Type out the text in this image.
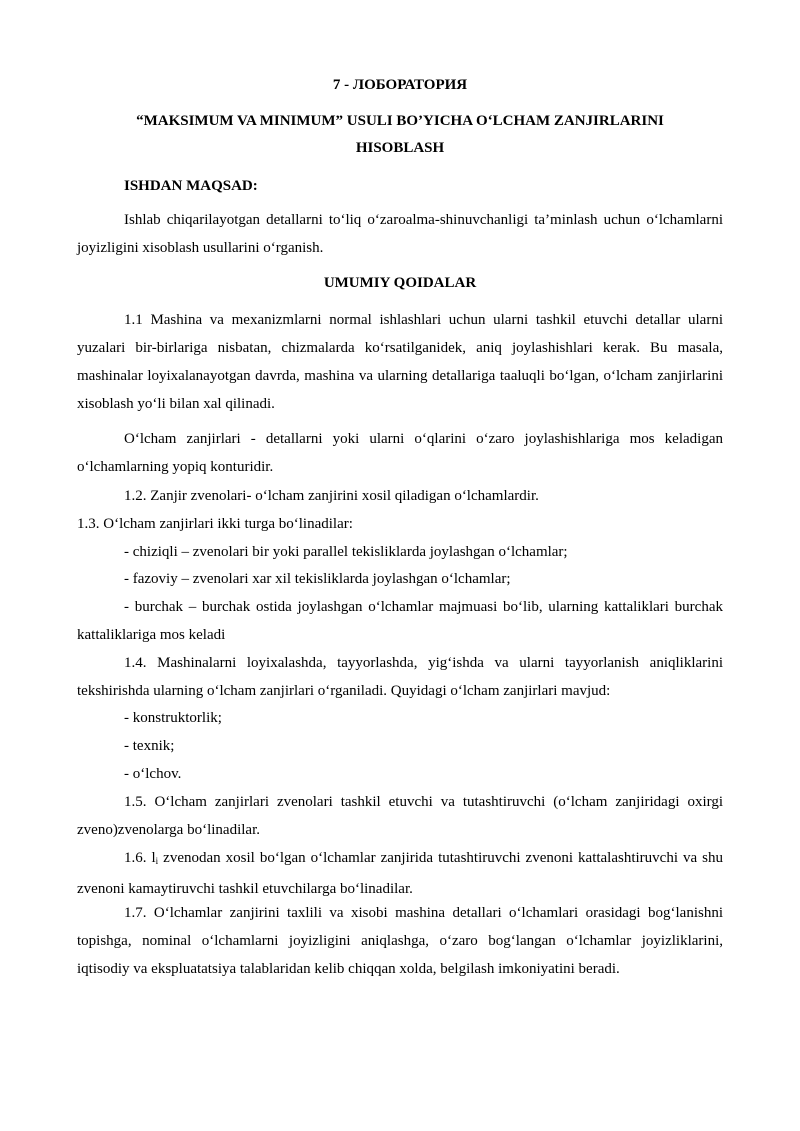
7 - ЛОБОРАТОРИЯ
“MAKSIMUM VA MINIMUM” USULI BO’YICHA O‘LCHAM ZANJIRLARINI
HISOBLASH
ISHDAN MAQSAD:

Ishlab chiqarilayotgan detallarni to‘liq o‘zaroalma-shinuvchanligi ta’minlash uchun o‘lchamlarni joyizligini xisoblash usullarini o‘rganish.

UMUMIY QOIDALAR

1.1 Mashina va mexanizmlarni normal ishlashlari uchun ularni tashkil etuvchi detallar ularni yuzalari bir-birlariga nisbatan, chizmalarda ko‘rsatilganidek, aniq joylashishlari kerak. Bu masala, mashinalar loyixalanayotgan davrda, mashina va ularning detallariga taaluqli bo‘lgan, o‘lcham zanjirlarini xisoblash yo‘li bilan xal qilinadi.

O‘lcham zanjirlari - detallarni yoki ularni o‘qlarini o‘zaro joylashishlariga mos keladigan o‘lchamlarning yopiq konturidir.

1.2. Zanjir zvenolari- o‘lcham zanjirini xosil qiladigan o‘lchamlardir.
1.3. O‘lcham zanjirlari ikki turga bo‘linadilar:
- chiziqli – zvenolari bir yoki parallel tekisliklarda joylashgan o‘lchamlar;
- fazoviy – zvenolari xar xil tekisliklarda joylashgan o‘lchamlar;

- burchak – burchak ostida joylashgan o‘lchamlar majmuasi bo‘lib, ularning kattaliklari burchak kattaliklariga mos keladi

1.4. Mashinalarni loyixalashda, tayyorlashda, yig‘ishda va ularni tayyorlanish aniqliklarini tekshirishda ularning o‘lcham zanjirlari o‘rganiladi. Quyidagi o‘lcham zanjirlari mavjud:

- konstruktorlik;
- texnik;
- o‘lchov.

1.5. O‘lcham zanjirlari zvenolari tashkil etuvchi va tutashtiruvchi (o‘lcham zanjiridagi oxirgi zveno)zvenolarga bo‘linadilar.

1.6. $l_i$ zvenodan xosil bo‘lgan o‘lchamlar zanjirida tutashtiruvchi zvenoni kattalashtiruvchi va shu zvenoni kamaytiruvchi tashkil etuvchilarga bo‘linadilar.

1.7. O‘lchamlar zanjirini taxlili va xisobi mashina detallari o‘lchamlari orasidagi bog‘lanishni topishga, nominal o‘lchamlarni joyizligini aniqlashga, o‘zaro bog‘langan o‘lchamlar joyizliklarini, iqtisodiy va ekspluatatsiya talablaridan kelib chiqqan xolda, belgilash imkoniyatini beradi.
